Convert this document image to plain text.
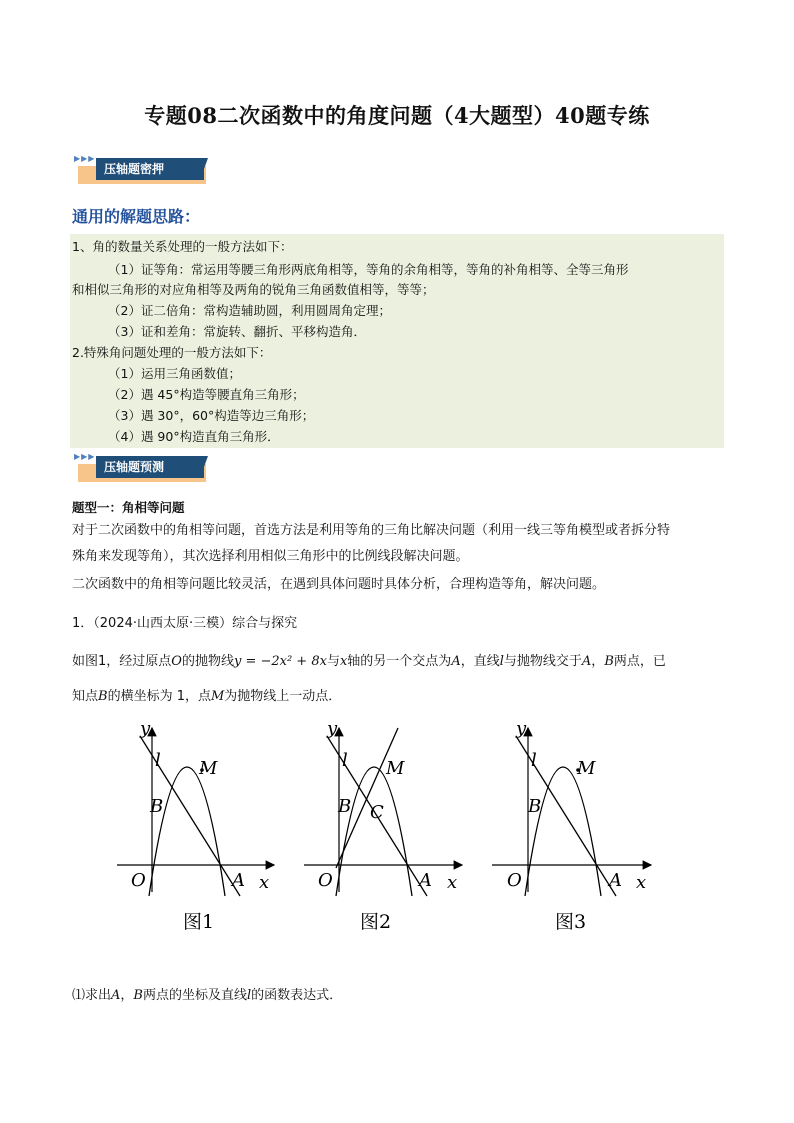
专题08二次函数中的角度问题（4大题型）40题专练
▶▶▶
压轴题密押
通用的解题思路：
1、角的数量关系处理的一般方法如下：
（1）证等角：常运用等腰三角形两底角相等，等角的余角相等，等角的补角相等、全等三角形
和相似三角形的对应角相等及两角的锐角三角函数值相等，等等；
（2）证二倍角：常构造辅助圆，利用圆周角定理；
（3）证和差角：常旋转、翻折、平移构造角．
2.特殊角问题处理的一般方法如下：
（1）运用三角函数值；
（2）遇 45°构造等腰直角三角形；
（3）遇 30°，60°构造等边三角形；
（4）遇 90°构造直角三角形．
▶▶▶
压轴题预测
题型一：角相等问题
对于二次函数中的角相等问题，首选方法是利用等角的三角比解决问题（利用一线三等角模型或者拆分特
殊角来发现等角），其次选择利用相似三角形中的比例线段解决问题。
二次函数中的角相等问题比较灵活，在遇到具体问题时具体分析，合理构造等角，解决问题。
1．（2024·山西太原·三模）综合与探究
如图1，经过原点O的抛物线y = −2x² + 8x与x轴的另一个交点为A，直线l与抛物线交于A，B两点，已
知点B的横坐标为 1，点M为抛物线上一动点．
y
l M
B
O	A x
图1
y
l M
B C
O	A x
图2
y
l M
B
O	A x
图3
⑴求出A，B两点的坐标及直线l的函数表达式．
